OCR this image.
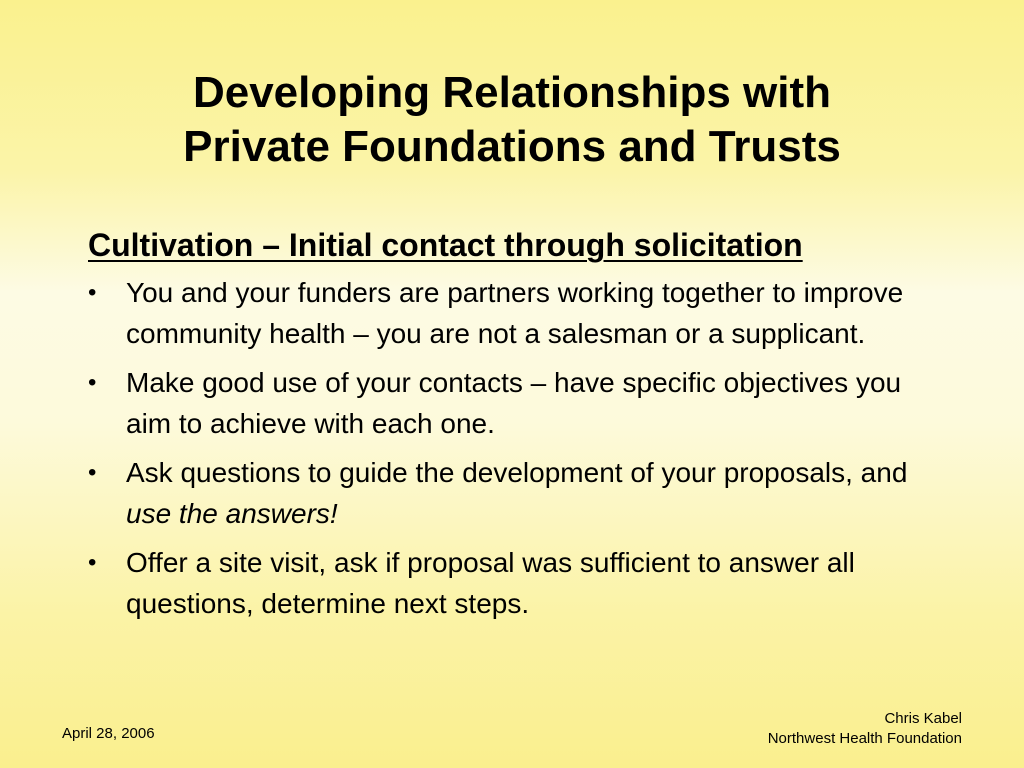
Developing Relationships with
Private Foundations and Trusts

Cultivation – Initial contact through solicitation

• You and your funders are partners working together to improve community health – you are not a salesman or a supplicant.
• Make good use of your contacts – have specific objectives you aim to achieve with each one.
• Ask questions to guide the development of your proposals, and use the answers!
• Offer a site visit, ask if proposal was sufficient to answer all questions, determine next steps.
April 28, 2006
Chris Kabel
Northwest Health Foundation
